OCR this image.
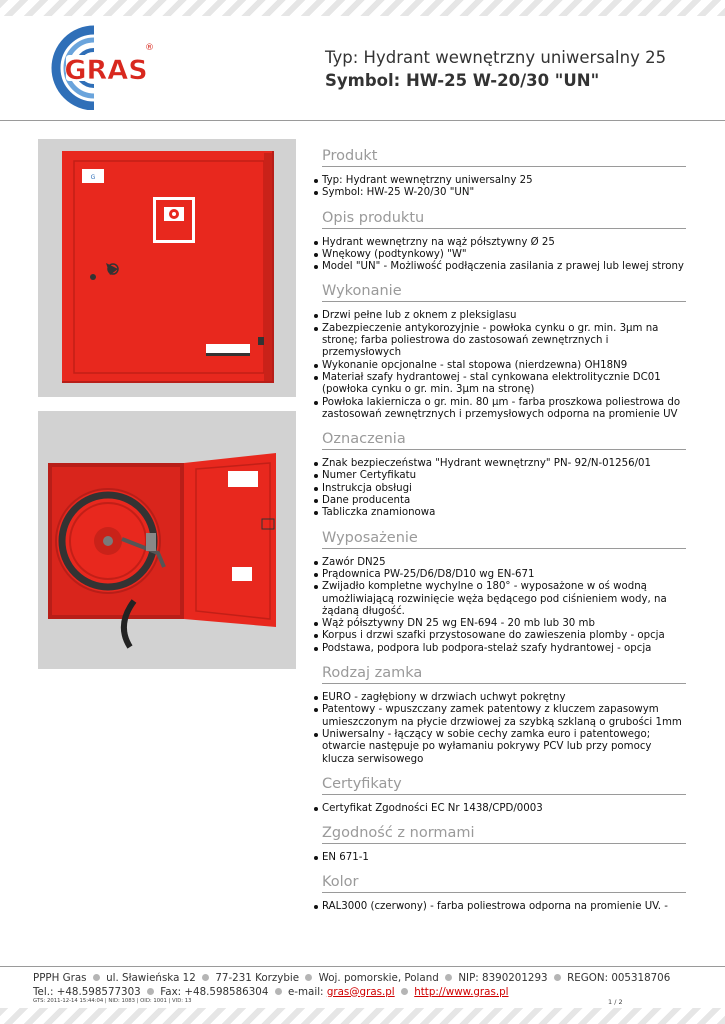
GRAS
®	Typ: Hydrant wewnętrzny uniwersalny 25
Symbol: HW-25 W-20/30 "UN"
G
Produkt
Typ: Hydrant wewnętrzny uniwersalny 25
Symbol: HW-25 W-20/30 "UN"
Opis produktu
Hydrant wewnętrzny na wąż półsztywny Ø 25
Wnękowy (podtynkowy) "W"
Model "UN" - Możliwość podłączenia zasilania z prawej lub lewej strony
Wykonanie
Drzwi pełne lub z oknem z pleksiglasu
Zabezpieczenie antykorozyjnie - powłoka cynku o gr. min. 3µm na stronę; farba poliestrowa do zastosowań zewnętrznych i przemysłowych
Wykonanie opcjonalne - stal stopowa (nierdzewna) OH18N9
Materiał szafy hydrantowej - stal cynkowana elektrolitycznie DC01 (powłoka cynku o gr. min. 3µm na stronę)
Powłoka lakiernicza o gr. min. 80 µm - farba proszkowa poliestrowa do zastosowań zewnętrznych i przemysłowych odporna na promienie UV
Oznaczenia
Znak bezpieczeństwa "Hydrant wewnętrzny" PN- 92/N-01256/01
Numer Certyfikatu
Instrukcja obsługi
Dane producenta
Tabliczka znamionowa
Wyposażenie
Zawór DN25
Prądownica PW-25/D6/D8/D10 wg EN-671
Zwijadło kompletne wychylne o 180° - wyposażone w oś wodną umożliwiającą rozwinięcie węża będącego pod ciśnieniem wody, na żądaną długość.
Wąż półsztywny DN 25 wg EN-694 - 20 mb lub 30 mb
Korpus i drzwi szafki przystosowane do zawieszenia plomby - opcja
Podstawa, podpora lub podpora-stelaż szafy hydrantowej - opcja
Rodzaj zamka
EURO - zagłębiony w drzwiach uchwyt pokrętny
Patentowy - wpuszczany zamek patentowy z kluczem zapasowym umieszczonym na płycie drzwiowej za szybką szklaną o grubości 1mm
Uniwersalny - łączący w sobie cechy zamka euro i patentowego; otwarcie następuje po wyłamaniu pokrywy PCV lub przy pomocy klucza serwisowego
Certyfikaty
Certyfikat Zgodności EC Nr 1438/CPD/0003
Zgodność z normami
EN 671-1
Kolor
RAL3000 (czerwony) - farba poliestrowa odporna na promienie UV. -
PPPH Gras ul. Sławieńska 12 77-231 Korzybie Woj. pomorskie, Poland NIP: 8390201293 REGON: 005318706
Tel.: +48.598577303 Fax: +48.598586304 e-mail: gras@gras.pl http://www.gras.pl
GTS: 2011-12-14 15:44:04 | NID: 1083 | OID: 1001 | VID: 13	1 / 2
